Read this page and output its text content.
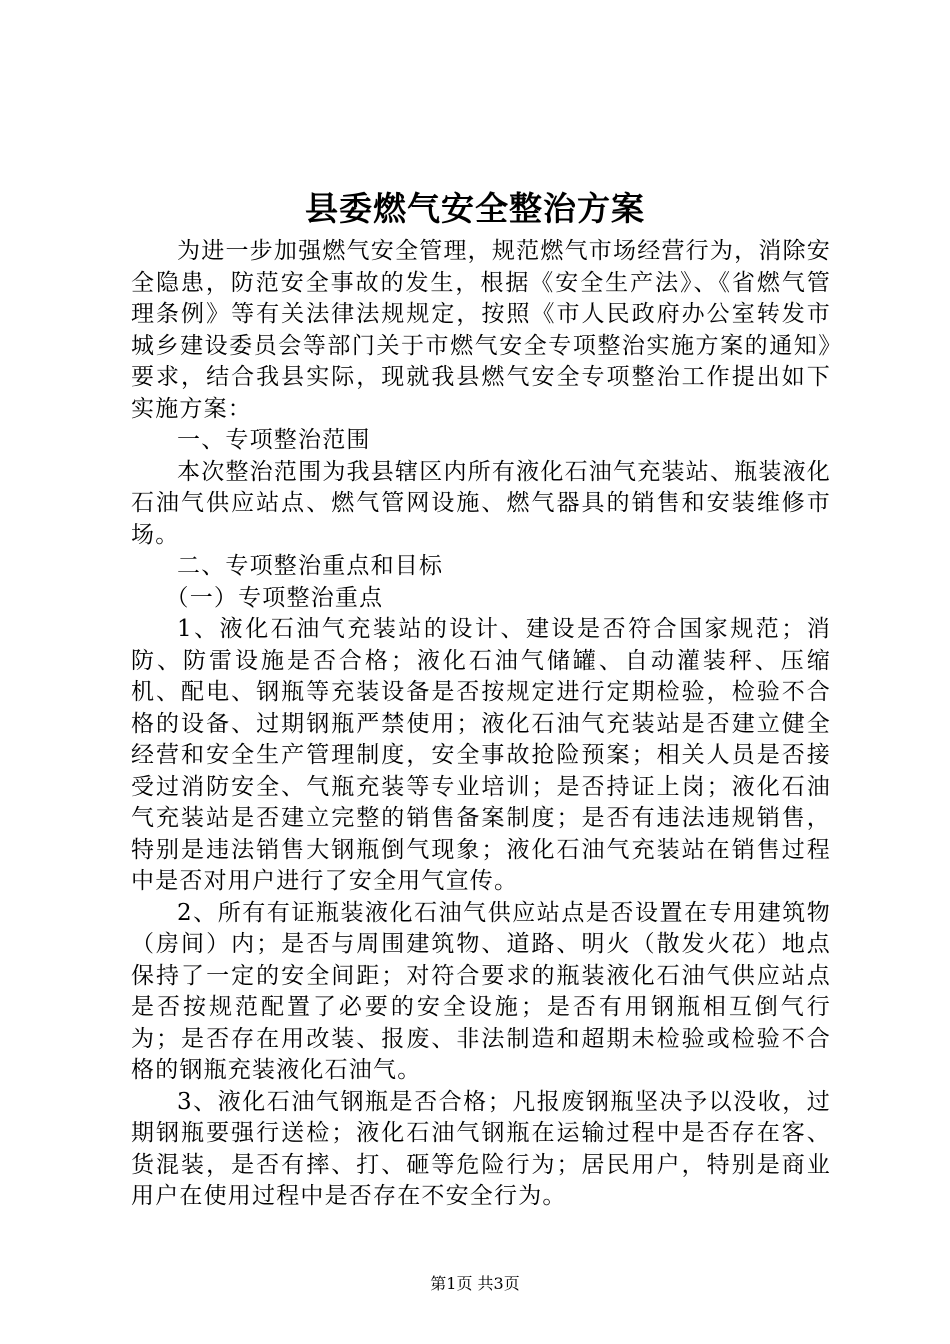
县委燃气安全整治方案

为进一步加强燃气安全管理，规范燃气市场经营行为，消除安全隐患，防范安全事故的发生，根据《安全生产法》、《省燃气管理条例》等有关法律法规规定，按照《市人民政府办公室转发市城乡建设委员会等部门关于市燃气安全专项整治实施方案的通知》要求，结合我县实际，现就我县燃气安全专项整治工作提出如下实施方案：

一、专项整治范围

本次整治范围为我县辖区内所有液化石油气充装站、瓶装液化石油气供应站点、燃气管网设施、燃气器具的销售和安装维修市场。

二、专项整治重点和目标

（一）专项整治重点

1、液化石油气充装站的设计、建设是否符合国家规范；消防、防雷设施是否合格；液化石油气储罐、自动灌装秤、压缩机、配电、钢瓶等充装设备是否按规定进行定期检验，检验不合格的设备、过期钢瓶严禁使用；液化石油气充装站是否建立健全经营和安全生产管理制度，安全事故抢险预案；相关人员是否接受过消防安全、气瓶充装等专业培训；是否持证上岗；液化石油气充装站是否建立完整的销售备案制度；是否有违法违规销售，特别是违法销售大钢瓶倒气现象；液化石油气充装站在销售过程中是否对用户进行了安全用气宣传。

2、所有有证瓶装液化石油气供应站点是否设置在专用建筑物（房间）内；是否与周围建筑物、道路、明火（散发火花）地点保持了一定的安全间距；对符合要求的瓶装液化石油气供应站点是否按规范配置了必要的安全设施；是否有用钢瓶相互倒气行为；是否存在用改装、报废、非法制造和超期未检验或检验不合格的钢瓶充装液化石油气。

3、液化石油气钢瓶是否合格；凡报废钢瓶坚决予以没收，过期钢瓶要强行送检；液化石油气钢瓶在运输过程中是否存在客、货混装，是否有摔、打、砸等危险行为；居民用户，特别是商业用户在使用过程中是否存在不安全行为。

第1页 共3页
